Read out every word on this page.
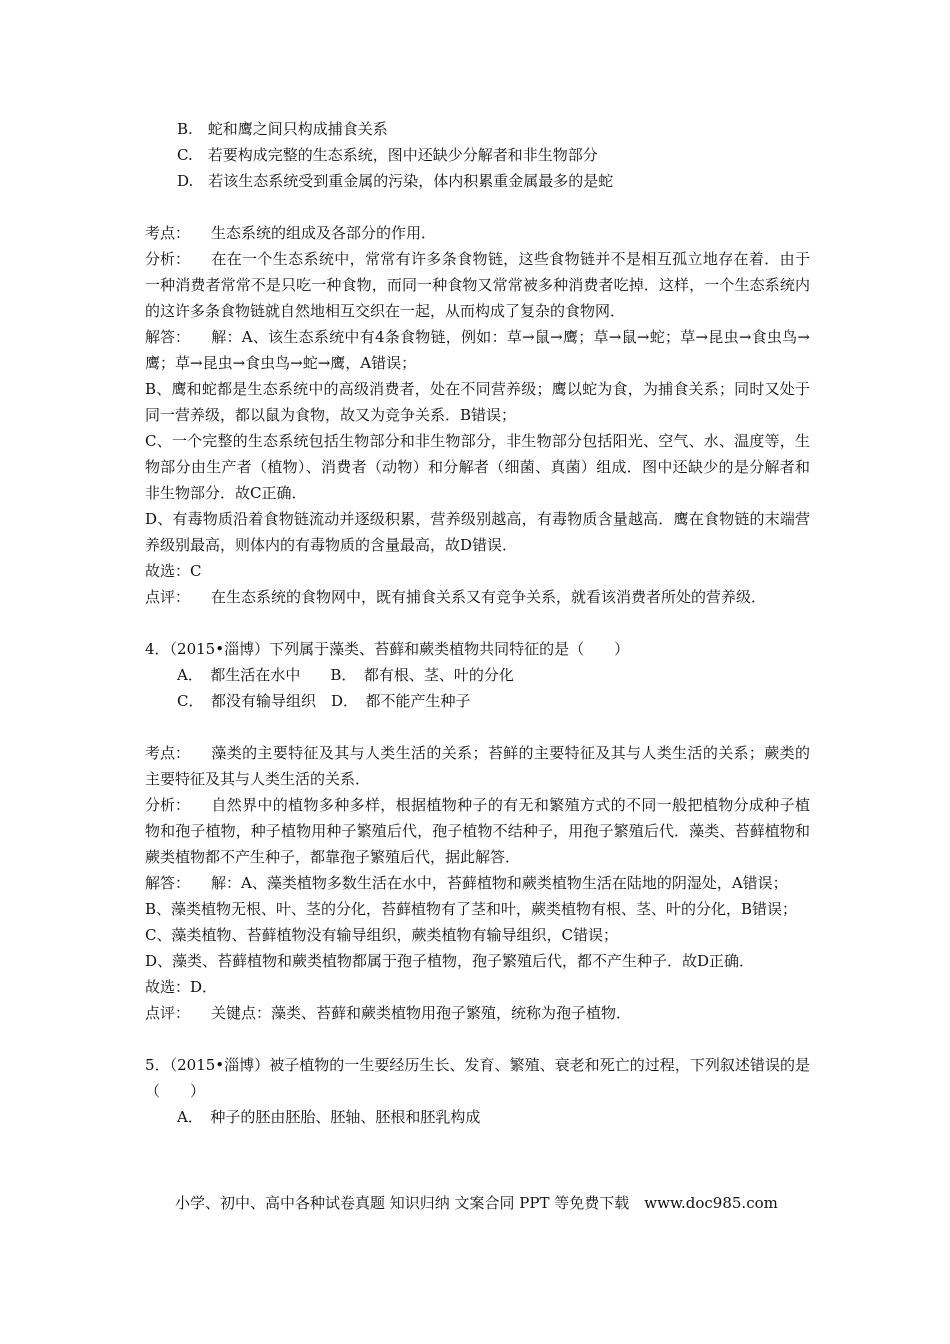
B.　蛇和鹰之间只构成捕食关系
C.　若要构成完整的生态系统，图中还缺少分解者和非生物部分
D.　若该生态系统受到重金属的污染，体内积累重金属最多的是蛇
考点： 生态系统的组成及各部分的作用．
分析： 在在一个生态系统中，常常有许多条食物链，这些食物链并不是相互孤立地存在着．由于一种消费者常常不是只吃一种食物，而同一种食物又常常被多种消费者吃掉．这样，一个生态系统内的这许多条食物链就自然地相互交织在一起，从而构成了复杂的食物网．
解答： 解：A、该生态系统中有4条食物链，例如：草→鼠→鹰；草→鼠→蛇；草→昆虫→食虫鸟→鹰；草→昆虫→食虫鸟→蛇→鹰，A错误；
B、鹰和蛇都是生态系统中的高级消费者，处在不同营养级；鹰以蛇为食，为捕食关系；同时又处于同一营养级，都以鼠为食物，故又为竞争关系．B错误；
C、一个完整的生态系统包括生物部分和非生物部分，非生物部分包括阳光、空气、水、温度等，生物部分由生产者（植物）、消费者（动物）和分解者（细菌、真菌）组成．图中还缺少的是分解者和非生物部分．故C正确．
D、有毒物质沿着食物链流动并逐级积累，营养级别越高，有毒物质含量越高．鹰在食物链的末端营养级别最高，则体内的有毒物质的含量最高，故D错误．
故选：C
点评： 在生态系统的食物网中，既有捕食关系又有竞争关系，就看该消费者所处的营养级．
4．（2015•淄博）下列属于藻类、苔藓和蕨类植物共同特征的是（　　）
A．　都生活在水中　　B．　都有根、茎、叶的分化
C．　都没有输导组织　D．　都不能产生种子
考点： 藻类的主要特征及其与人类生活的关系；苔鲜的主要特征及其与人类生活的关系；蕨类的主要特征及其与人类生活的关系．
分析： 自然界中的植物多种多样，根据植物种子的有无和繁殖方式的不同一般把植物分成种子植物和孢子植物，种子植物用种子繁殖后代，孢子植物不结种子，用孢子繁殖后代．藻类、苔藓植物和蕨类植物都不产生种子，都靠孢子繁殖后代，据此解答．
解答： 解：A、藻类植物多数生活在水中，苔藓植物和蕨类植物生活在陆地的阴湿处，A错误；
B、藻类植物无根、叶、茎的分化，苔藓植物有了茎和叶，蕨类植物有根、茎、叶的分化，B错误；
C、藻类植物、苔藓植物没有输导组织，蕨类植物有输导组织，C错误；
D、藻类、苔藓植物和蕨类植物都属于孢子植物，孢子繁殖后代，都不产生种子．故D正确．
故选：D．
点评： 关键点：藻类、苔藓和蕨类植物用孢子繁殖，统称为孢子植物．
5．（2015•淄博）被子植物的一生要经历生长、发育、繁殖、衰老和死亡的过程，下列叙述错误的是（　　）
A．　种子的胚由胚胎、胚轴、胚根和胚乳构成
小学、初中、高中各种试卷真题 知识归纳 文案合同 PPT 等免费下载　www.doc985.com
